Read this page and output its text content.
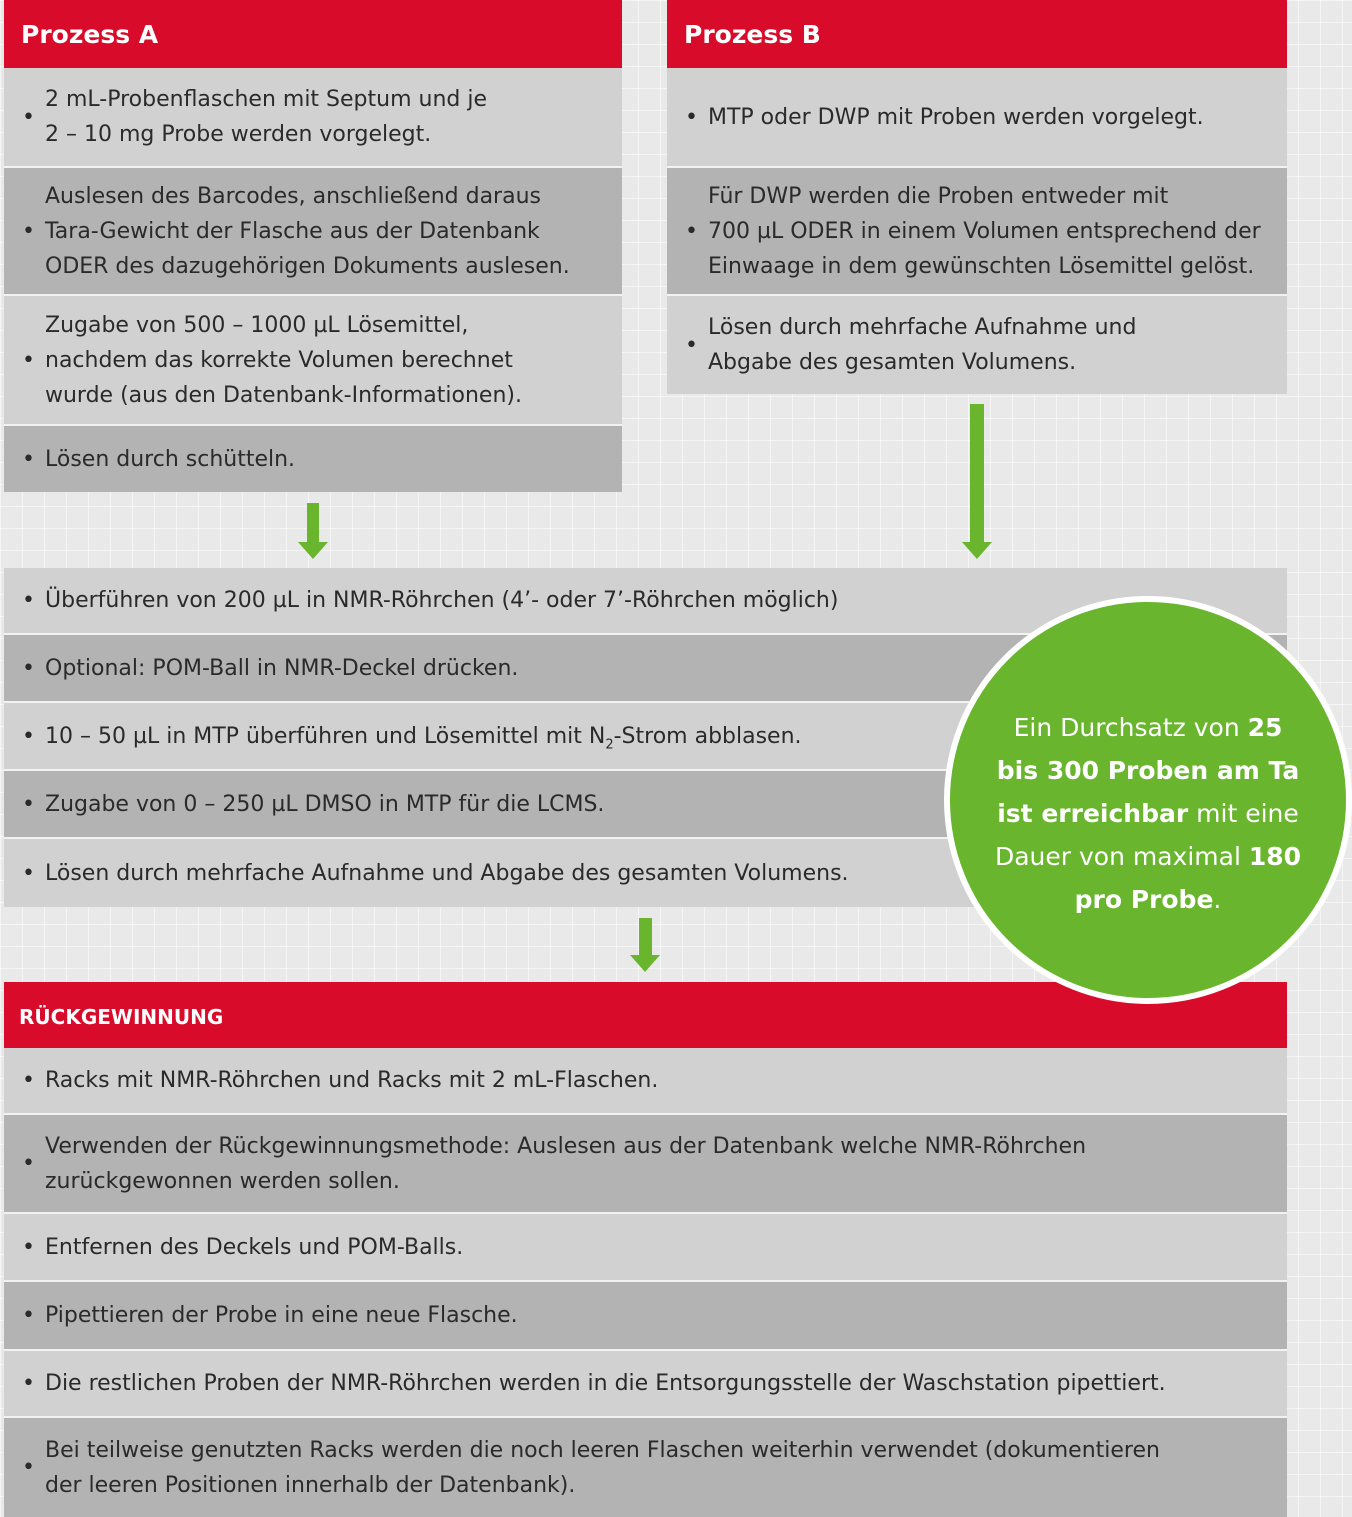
Prozess A
• 2 mL-Probenflaschen mit Septum und je
2 – 10 mg Probe werden vorgelegt.
• Auslesen des Barcodes, anschließend daraus
Tara-Gewicht der Flasche aus der Datenbank
ODER des dazugehörigen Dokuments auslesen.
• Zugabe von 500 – 1000 µL Lösemittel,
nachdem das korrekte Volumen berechnet
wurde (aus den Datenbank-Informationen).
• Lösen durch schütteln.
Prozess B
• MTP oder DWP mit Proben werden vorgelegt.
• Für DWP werden die Proben entweder mit
700 µL ODER in einem Volumen entsprechend der
Einwaage in dem gewünschten Lösemittel gelöst.
• Lösen durch mehrfache Aufnahme und
Abgabe des gesamten Volumens.
• Überführen von 200 µL in NMR-Röhrchen (4’- oder 7’-Röhrchen möglich)
• Optional: POM-Ball in NMR-Deckel drücken.
• 10 – 50 µL in MTP überführen und Lösemittel mit $N_2$-Strom abblasen.
• Zugabe von 0 – 250 µL DMSO in MTP für die LCMS.
• Lösen durch mehrfache Aufnahme und Abgabe des gesamten Volumens.
RÜCKGEWINNUNG
• Racks mit NMR-Röhrchen und Racks mit 2 mL-Flaschen.
• Verwenden der Rückgewinnungsmethode: Auslesen aus der Datenbank welche NMR-Röhrchen
zurückgewonnen werden sollen.
• Entfernen des Deckels und POM-Balls.
• Pipettieren der Probe in eine neue Flasche.
• Die restlichen Proben der NMR-Röhrchen werden in die Entsorgungsstelle der Waschstation pipettiert.
• Bei teilweise genutzten Racks werden die noch leeren Flaschen weiterhin verwendet (dokumentieren
der leeren Positionen innerhalb der Datenbank).
Ein Durchsatz von 25
bis 300 Proben am Ta
ist erreichbar mit eine
Dauer von maximal 180
pro Probe.
